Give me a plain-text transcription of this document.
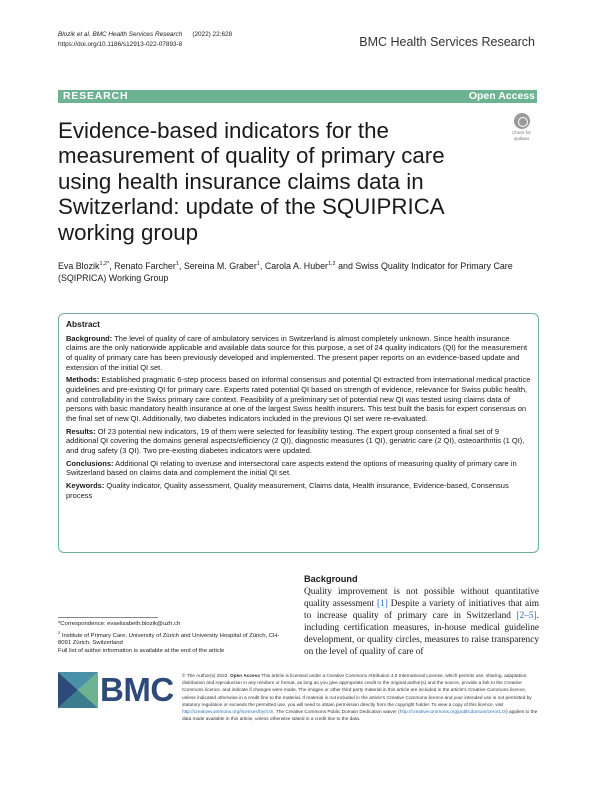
Blozik et al. BMC Health Services Research (2022) 22:628
https://doi.org/10.1186/s12913-022-07893-8	BMC Health Services Research
RESEARCH	Open Access
Evidence-based indicators for the measurement of quality of primary care using health insurance claims data in Switzerland: update of the SQUIPRICA working group
Check for
updates
Eva Blozik$^{1,2*}$, Renato Farcher$^1$, Sereina M. Graber$^1$, Carola A. Huber$^{1,2}$ and Swiss Quality Indicator for Primary Care (SQIPRICA) Working Group
Abstract

Background: The level of quality of care of ambulatory services in Switzerland is almost completely unknown. Since health insurance claims are the only nationwide applicable and available data source for this purpose, a set of 24 quality indicators (QI) for the measurement of quality of primary care has been previously developed and implemented. The present paper reports on an evidence-based update and extension of the initial QI set.

Methods: Established pragmatic 6-step process based on informal consensus and potential QI extracted from international medical practice guidelines and pre-existing QI for primary care. Experts rated potential QI based on strength of evidence, relevance for Swiss public health, and controllability in the Swiss primary care context. Feasibility of a preliminary set of potential new QI was tested using claims data of persons with basic mandatory health insurance at one of the largest Swiss health insurers. This test built the basis for expert consensus on the final set of new QI. Additionally, two diabetes indicators included in the previous QI set were re-evaluated.

Results: Of 23 potential new indicators, 19 of them were selected for feasibility testing. The expert group consented a final set of 9 additional QI covering the domains general aspects/efficiency (2 QI), diagnostic measures (1 QI), geriatric care (2 QI), osteoarthritis (1 QI), and drug safety (3 QI). Two pre-existing diabetes indicators were updated.

Conclusions: Additional QI relating to overuse and intersectoral care aspects extend the options of measuring quality of primary care in Switzerland based on claims data and complement the initial QI set.

Keywords: Quality indicator, Quality assessment, Quality measurement, Claims data, Health insurance, Evidence-based, Consensus process

Background
Quality improvement is not possible without quantitative quality assessment [1] Despite a variety of initiatives that aim to increase quality of primary care in Switzerland [2–5]. including certification measures, in-house medical guideline development, or quality circles, measures to raise transparency on the level of quality of care of
*Correspondence: evaelisabeth.blozik@uzh.ch
$^2$ Institute of Primary Care, University of Zürich and University Hospital of Zürich, CH-8091 Zürich, Switzerland
Full list of author information is available at the end of the article
BMC © The Author(s) 2022. Open Access This article is licensed under a Creative Commons Attribution 4.0 International License, which permits use, sharing, adaptation, distribution and reproduction in any medium or format, as long as you give appropriate credit to the original author(s) and the source, provide a link to the Creative Commons licence, and indicate if changes were made. The images or other third party material in this article are included in the article's Creative Commons licence, unless indicated otherwise in a credit line to the material. If material is not included in the article's Creative Commons licence and your intended use is not permitted by statutory regulation or exceeds the permitted use, you will need to obtain permission directly from the copyright holder. To view a copy of this licence, visit http://creativecommons.org/licenses/by/4.0/. The Creative Commons Public Domain Dedication waiver (http://creativecommons.org/publicdomain/zero/1.0/) applies to the data made available in this article, unless otherwise stated in a credit line to the data.
